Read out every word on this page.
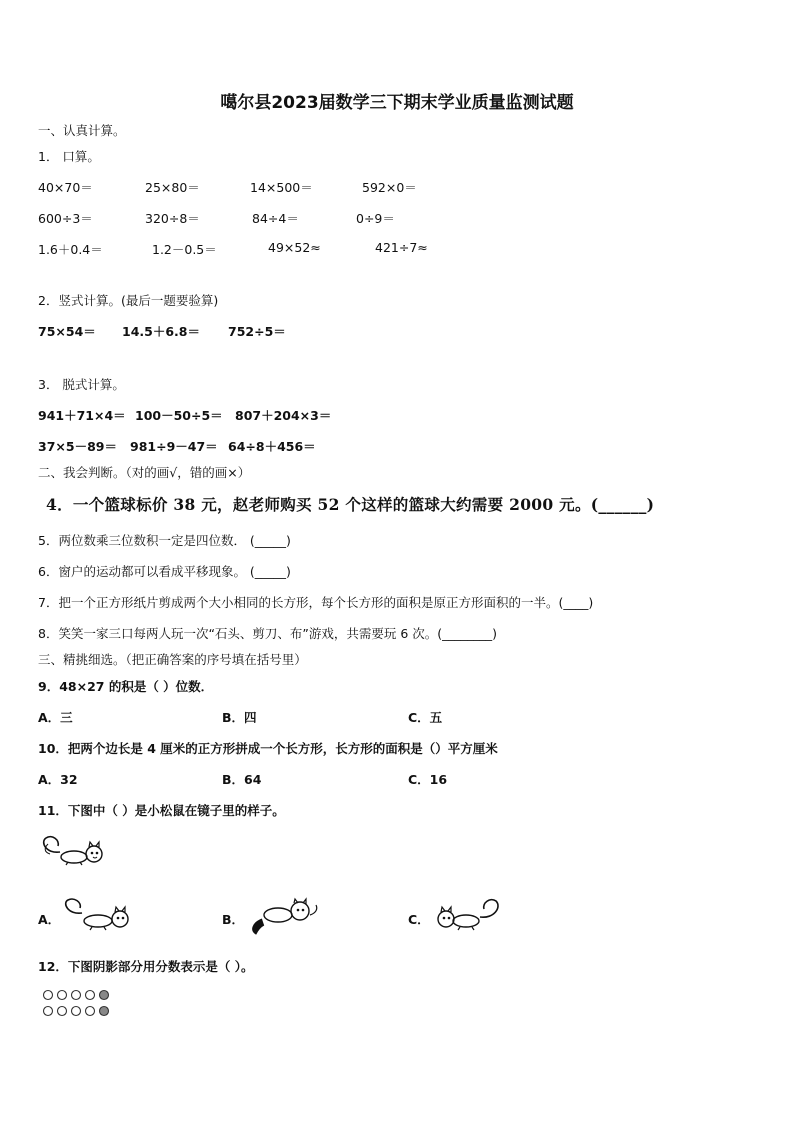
噶尔县2023届数学三下期末学业质量监测试题
一、认真计算。
1． 口算。
40×70＝	25×80＝	14×500＝	592×0＝
600÷3＝	320÷8＝	84÷4＝	0÷9＝
1.6＋0.4＝	1.2－0.5＝	49×52≈	421÷7≈
2．竖式计算。(最后一题要验算)
75×54＝ 14.5＋6.8＝ 752÷5＝
3． 脱式计算。
941＋71×4＝ 100－50÷5＝ 807＋204×3＝
37×5－89＝ 981÷9－47＝ 64÷8＋456＝
二、我会判断。（对的画√，错的画×）
4．一个篮球标价 38 元，赵老师购买 52 个这样的篮球大约需要 2000 元。(______)
5．两位数乘三位数积一定是四位数． (_____)
6．窗户的运动都可以看成平移现象。 (_____)
7．把一个正方形纸片剪成两个大小相同的长方形，每个长方形的面积是原正方形面积的一半。(____)
8．笑笑一家三口每两人玩一次“石头、剪刀、布”游戏，共需要玩 6 次。(________)
三、精挑细选。（把正确答案的序号填在括号里）
9．48×27 的积是（ ）位数．
A．三	B．四	C．五
10．把两个边长是 4 厘米的正方形拼成一个长方形，长方形的面积是（）平方厘米
A．32	B．64	C．16
11．下图中（ ）是小松鼠在镜子里的样子。
A．	B．	C．
12．下图阴影部分用分数表示是（ ）。
